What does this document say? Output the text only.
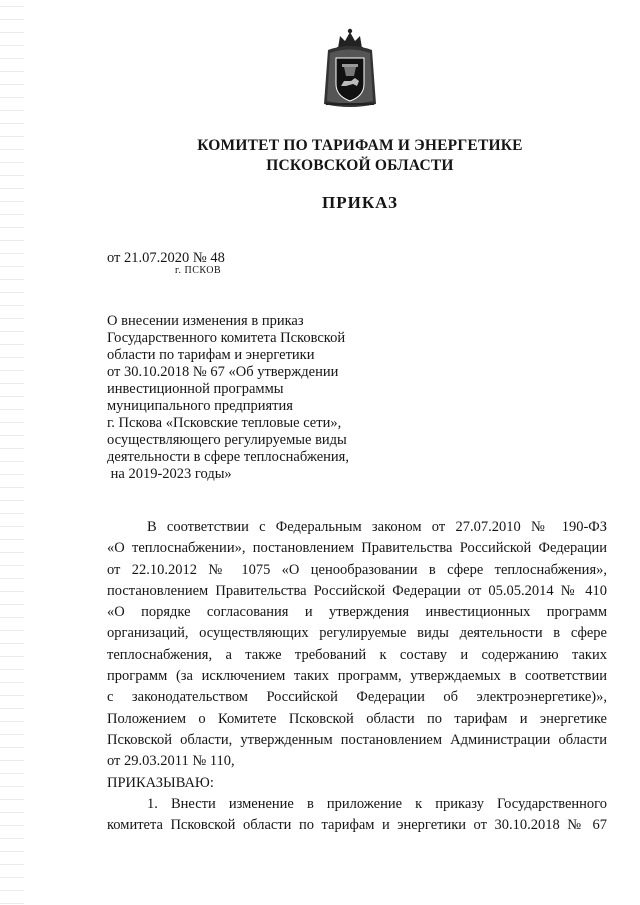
КОМИТЕТ ПО ТАРИФАМ И ЭНЕРГЕТИКЕ
ПСКОВСКОЙ ОБЛАСТИ
ПРИКАЗ
от 21.07.2020 № 48
г. ПСКОВ
О внесении изменения в приказ
Государственного комитета Псковской
области по тарифам и энергетики
от 30.10.2018 № 67 «Об утверждении
инвестиционной программы
муниципального предприятия
г. Пскова «Псковские тепловые сети»,
осуществляющего регулируемые виды
деятельности в сфере теплоснабжения,
на 2019-2023 годы»
В соответствии с Федеральным законом от 27.07.2010 № 190-ФЗ
«О теплоснабжении», постановлением Правительства Российской Федерации
от 22.10.2012 № 1075 «О ценообразовании в сфере теплоснабжения»,
постановлением Правительства Российской Федерации от 05.05.2014 № 410
«О порядке согласования и утверждения инвестиционных программ
организаций, осуществляющих регулируемые виды деятельности в сфере
теплоснабжения, а также требований к составу и содержанию таких
программ (за исключением таких программ, утверждаемых в соответствии
с законодательством Российской Федерации об электроэнергетике)»,
Положением о Комитете Псковской области по тарифам и энергетике
Псковской области, утвержденным постановлением Администрации области
от 29.03.2011 № 110,
ПРИКАЗЫВАЮ:
1. Внести изменение в приложение к приказу Государственного
комитета Псковской области по тарифам и энергетики от 30.10.2018 № 67
